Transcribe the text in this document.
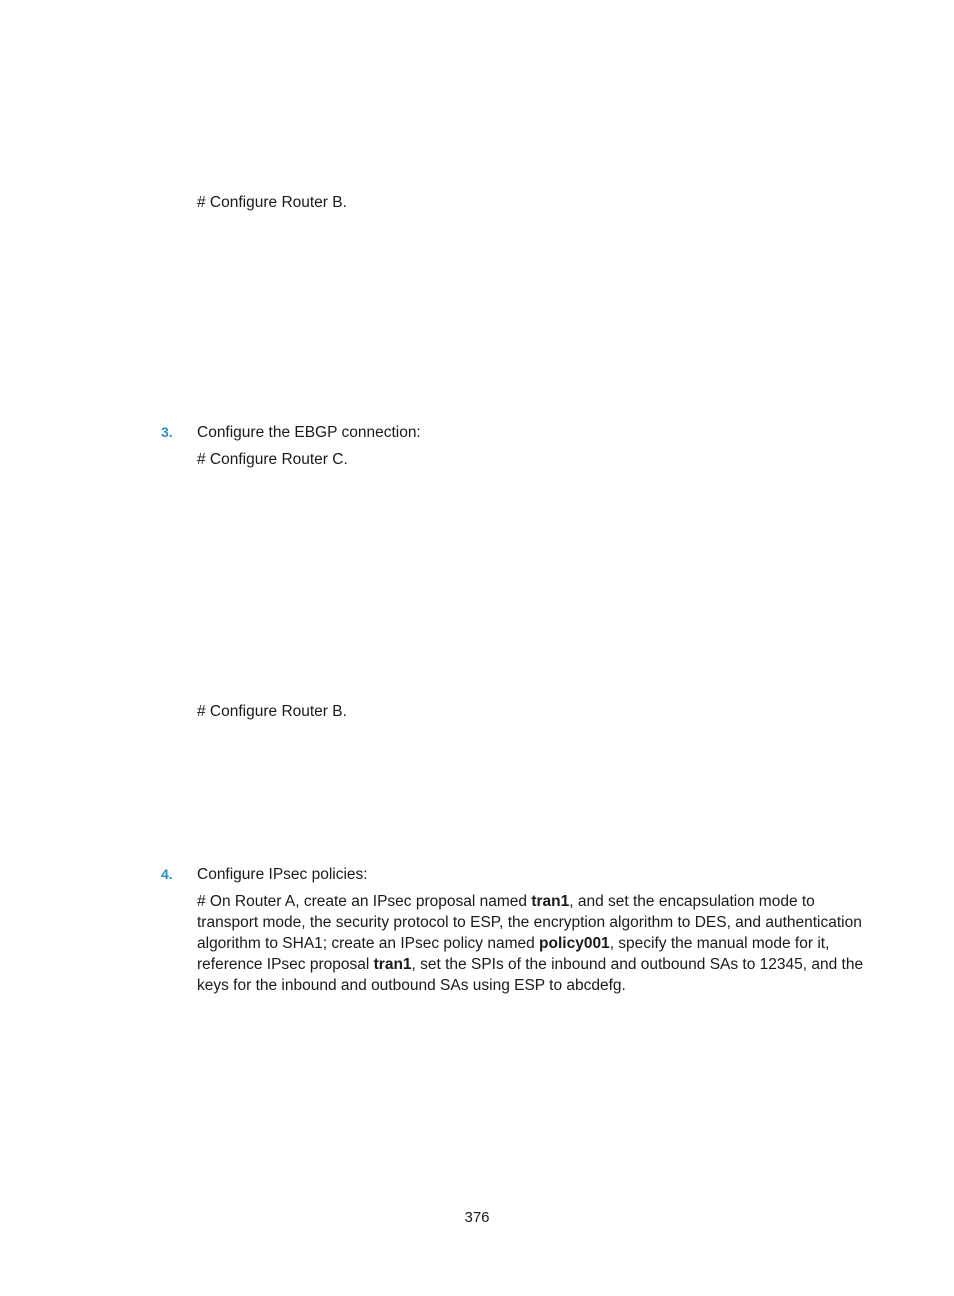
# Configure Router B.
3. Configure the EBGP connection:
# Configure Router C.
# Configure Router B.
4. Configure IPsec policies:
# On Router A, create an IPsec proposal named tran1, and set the encapsulation mode to transport mode, the security protocol to ESP, the encryption algorithm to DES, and authentication algorithm to SHA1; create an IPsec policy named policy001, specify the manual mode for it, reference IPsec proposal tran1, set the SPIs of the inbound and outbound SAs to 12345, and the keys for the inbound and outbound SAs using ESP to abcdefg.
376
